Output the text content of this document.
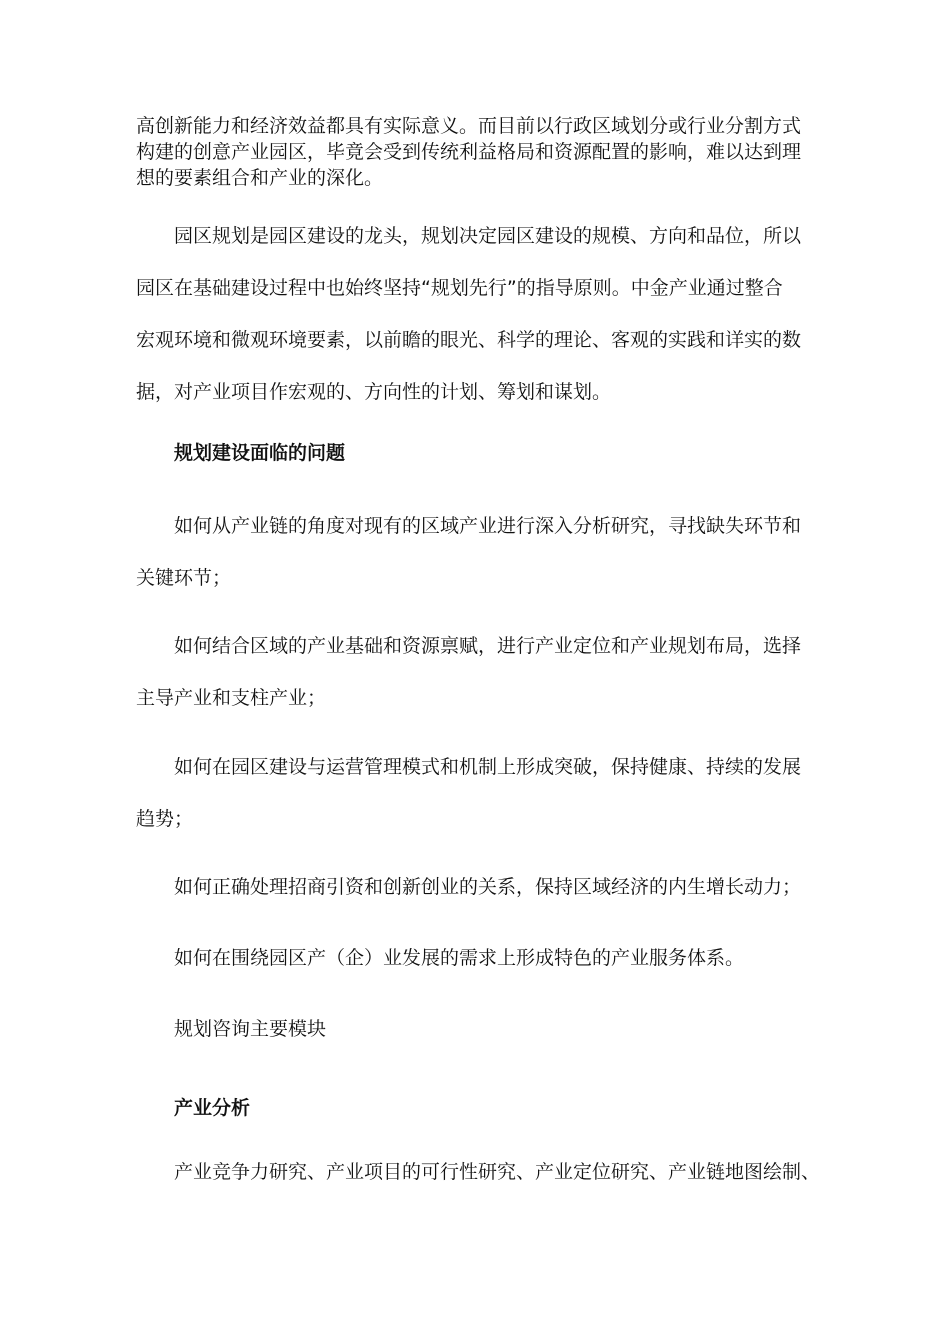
高创新能力和经济效益都具有实际意义。而目前以行政区域划分或行业分割方式
构建的创意产业园区，毕竟会受到传统利益格局和资源配置的影响，难以达到理
想的要素组合和产业的深化。

园区规划是园区建设的龙头，规划决定园区建设的规模、方向和品位，所以
园区在基础建设过程中也始终坚持“规划先行”的指导原则。中金产业通过整合
宏观环境和微观环境要素，以前瞻的眼光、科学的理论、客观的实践和详实的数
据，对产业项目作宏观的、方向性的计划、筹划和谋划。

规划建设面临的问题

如何从产业链的角度对现有的区域产业进行深入分析研究，寻找缺失环节和
关键环节；

如何结合区域的产业基础和资源禀赋，进行产业定位和产业规划布局，选择
主导产业和支柱产业；

如何在园区建设与运营管理模式和机制上形成突破，保持健康、持续的发展
趋势；

如何正确处理招商引资和创新创业的关系，保持区域经济的内生增长动力；

如何在围绕园区产（企）业发展的需求上形成特色的产业服务体系。

规划咨询主要模块

产业分析

产业竞争力研究、产业项目的可行性研究、产业定位研究、产业链地图绘制、
